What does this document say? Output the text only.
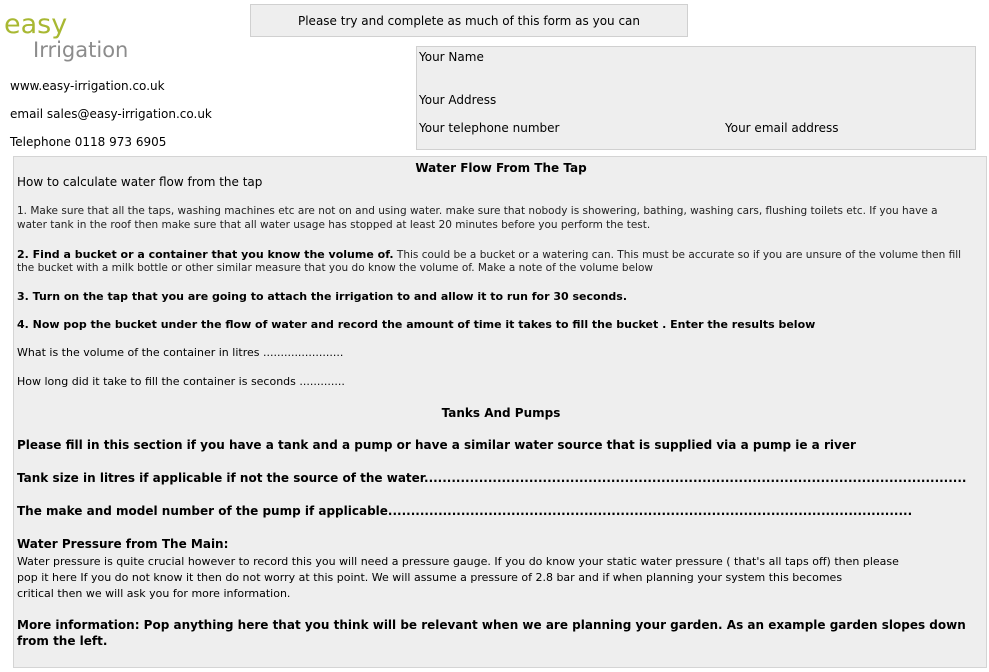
easy
Irrigation
www.easy-irrigation.co.uk
email sales@easy-irrigation.co.uk
Telephone 0118 973 6905
Please try and complete as much of this form as you can
Your Name
Your Address
Your telephone number	Your email address
Water Flow From The Tap
How to calculate water flow from the tap
1. Make sure that all the taps, washing machines etc are not on and using water. make sure that nobody is showering, bathing, washing cars, flushing toilets etc. If you have a
water tank in the roof then make sure that all water usage has stopped at least 20 minutes before you perform the test.
2. Find a bucket or a container that you know the volume of. This could be a bucket or a watering can. This must be accurate so if you are unsure of the volume then fill
the bucket with a milk bottle or other similar measure that you do know the volume of. Make a note of the volume below
3. Turn on the tap that you are going to attach the irrigation to and allow it to run for 30 seconds.
4. Now pop the bucket under the flow of water and record the amount of time it takes to fill the bucket . Enter the results below
What is the volume of the container in litres .......................
How long did it take to fill the container is seconds .............
Tanks And Pumps
Please fill in this section if you have a tank and a pump or have a similar water source that is supplied via a pump ie a river
Tank size in litres if applicable if not the source of the water.......................................................................................................................
The make and model number of the pump if applicable...................................................................................................................
Water Pressure from The Main:
Water pressure is quite crucial however to record this you will need a pressure gauge. If you do know your static water pressure ( that's all taps off) then please
pop it here If you do not know it then do not worry at this point. We will assume a pressure of 2.8 bar and if when planning your system this becomes
critical then we will ask you for more information.
More information: Pop anything here that you think will be relevant when we are planning your garden. As an example garden slopes down
from the left.
